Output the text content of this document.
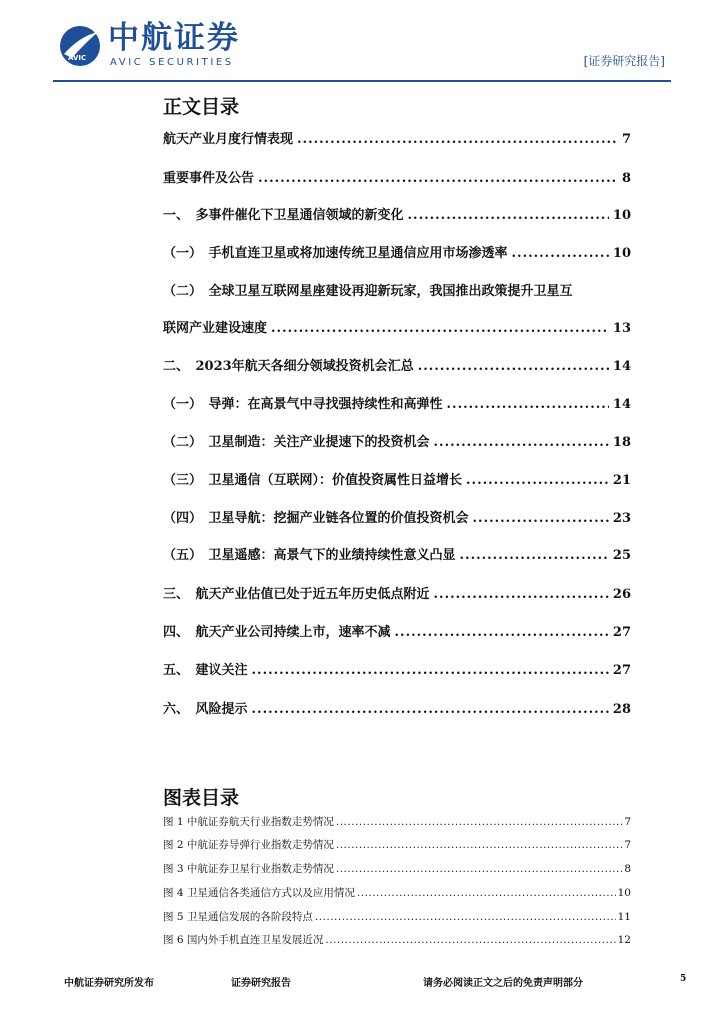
AVIC
中航证券
AVIC SECURITIES	[证券研究报告]
正文目录
航天产业月度行情表现 .....	7
重要事件及公告 .....	8
一、　多事件催化下卫星通信领域的新变化 .....	10
（一）　手机直连卫星或将加速传统卫星通信应用市场渗透率 .....	10
（二）　全球卫星互联网星座建设再迎新玩家，我国推出政策提升卫星互
联网产业建设速度 .....	13
二、　2023年航天各细分领域投资机会汇总 .....	14
（一）　导弹：在高景气中寻找强持续性和高弹性 .....	14
（二）　卫星制造：关注产业提速下的投资机会 .....	18
（三）　卫星通信（互联网）：价值投资属性日益增长 .....	21
（四）　卫星导航：挖掘产业链各位置的价值投资机会 .....	23
（五）　卫星遥感：高景气下的业绩持续性意义凸显 .....	25
三、　航天产业估值已处于近五年历史低点附近 .....	26
四、　航天产业公司持续上市，速率不减 .....	27
五、　建议关注 .....	27
六、　风险提示 .....	28
图表目录
图 1 中航证券航天行业指数走势情况 .....	7
图 2 中航证券导弹行业指数走势情况 .....	7
图 3 中航证券卫星行业指数走势情况 .....	8
图 4 卫星通信各类通信方式以及应用情况 .....	10
图 5 卫星通信发展的各阶段特点 .....	11
图 6 国内外手机直连卫星发展近况 .....	12
中航证券研究所发布	证券研究报告	请务必阅读正文之后的免责声明部分	5
